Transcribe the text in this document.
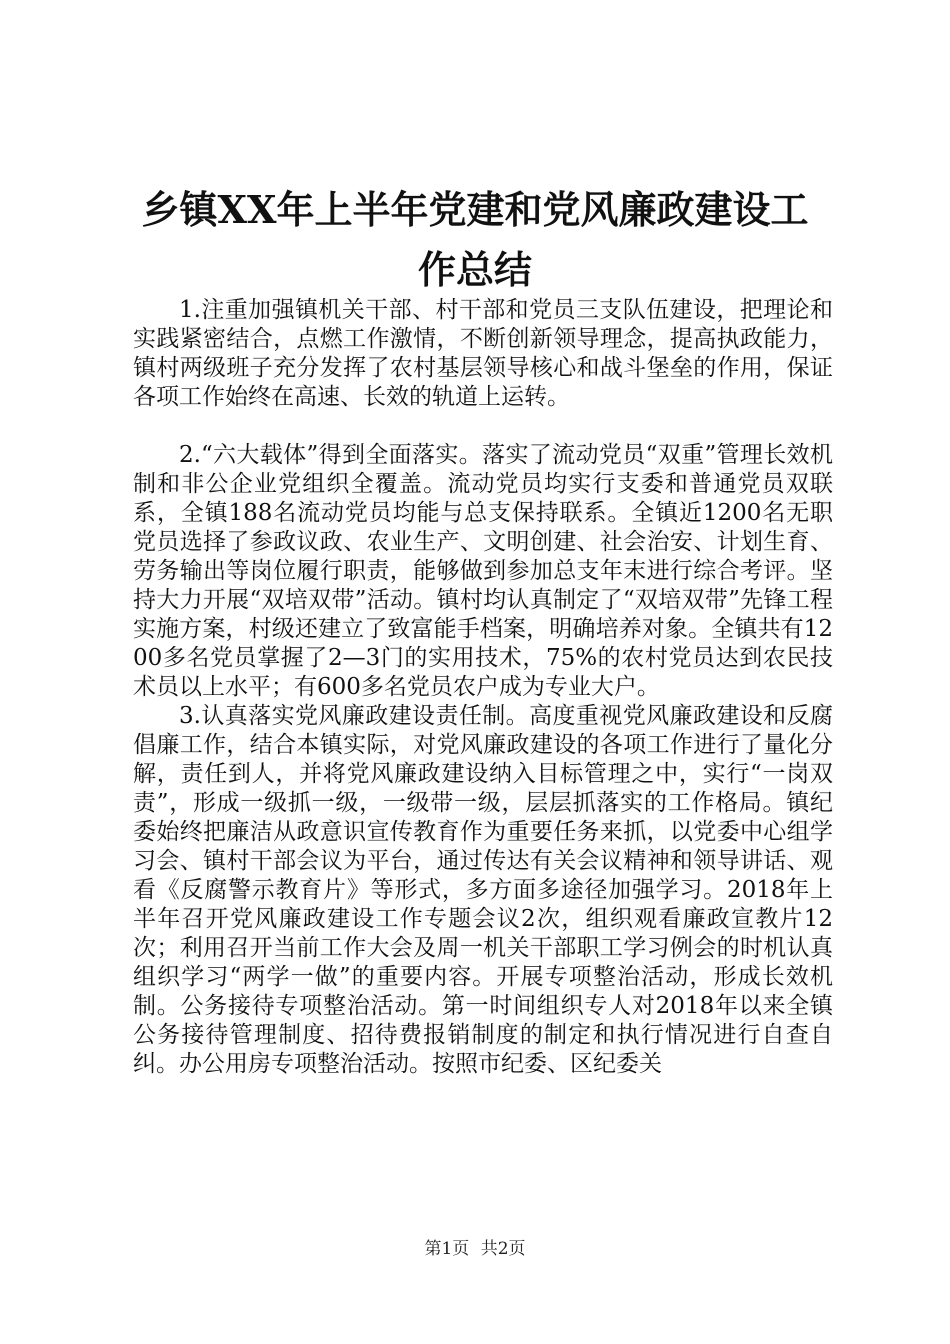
乡镇XX年上半年党建和党风廉政建设工作总结

1.注重加强镇机关干部、村干部和党员三支队伍建设，把理论和实践紧密结合，点燃工作激情，不断创新领导理念，提高执政能力，镇村两级班子充分发挥了农村基层领导核心和战斗堡垒的作用，保证各项工作始终在高速、长效的轨道上运转。

2.“六大载体”得到全面落实。落实了流动党员“双重”管理长效机制和非公企业党组织全覆盖。流动党员均实行支委和普通党员双联系，全镇188名流动党员均能与总支保持联系。全镇近1200名无职党员选择了参政议政、农业生产、文明创建、社会治安、计划生育、劳务输出等岗位履行职责，能够做到参加总支年末进行综合考评。坚持大力开展“双培双带”活动。镇村均认真制定了“双培双带”先锋工程实施方案，村级还建立了致富能手档案，明确培养对象。全镇共有1200多名党员掌握了2—3门的实用技术，75%的农村党员达到农民技术员以上水平；有600多名党员农户成为专业大户。

3.认真落实党风廉政建设责任制。高度重视党风廉政建设和反腐倡廉工作，结合本镇实际，对党风廉政建设的各项工作进行了量化分解，责任到人，并将党风廉政建设纳入目标管理之中，实行“一岗双责”，形成一级抓一级，一级带一级，层层抓落实的工作格局。镇纪委始终把廉洁从政意识宣传教育作为重要任务来抓，以党委中心组学习会、镇村干部会议为平台，通过传达有关会议精神和领导讲话、观看《反腐警示教育片》等形式，多方面多途径加强学习。2018年上半年召开党风廉政建设工作专题会议2次，组织观看廉政宣教片12次；利用召开当前工作大会及周一机关干部职工学习例会的时机认真组织学习“两学一做”的重要内容。开展专项整治活动，形成长效机制。公务接待专项整治活动。第一时间组织专人对2018年以来全镇公务接待管理制度、招待费报销制度的制定和执行情况进行自查自纠。办公用房专项整治活动。按照市纪委、区纪委关

第1页 共2页
